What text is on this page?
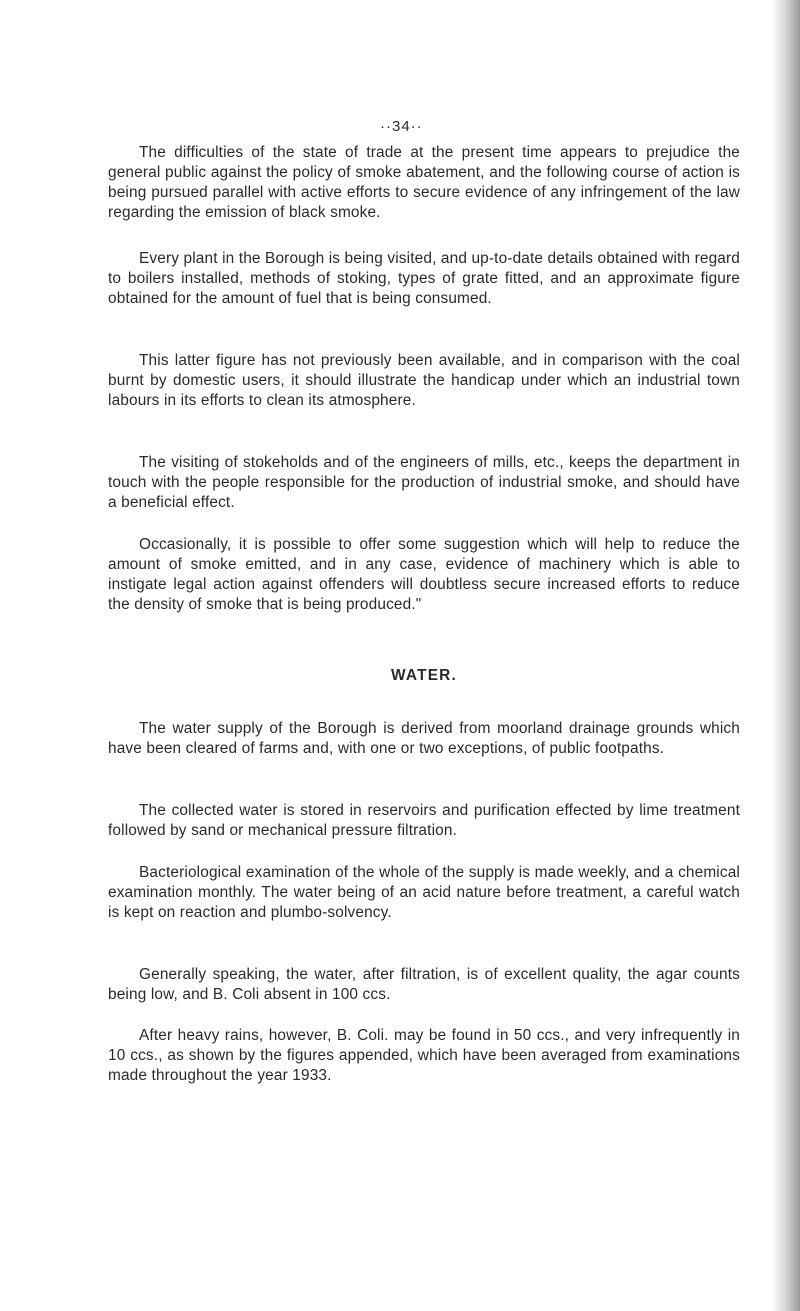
··34··

The difficulties of the state of trade at the present time appears to prejudice the general public against the policy of smoke abatement, and the following course of action is being pursued parallel with active efforts to secure evidence of any infringement of the law regarding the emission of black smoke.

Every plant in the Borough is being visited, and up-to-date details obtained with regard to boilers installed, methods of stoking, types of grate fitted, and an approximate figure obtained for the amount of fuel that is being consumed.

This latter figure has not previously been available, and in comparison with the coal burnt by domestic users, it should illustrate the handicap under which an industrial town labours in its efforts to clean its atmosphere.

The visiting of stokeholds and of the engineers of mills, etc., keeps the department in touch with the people responsible for the production of industrial smoke, and should have a beneficial effect.

Occasionally, it is possible to offer some suggestion which will help to reduce the amount of smoke emitted, and in any case, evidence of machinery which is able to instigate legal action against offenders will doubtless secure increased efforts to reduce the density of smoke that is being produced."

WATER.

The water supply of the Borough is derived from moorland drainage grounds which have been cleared of farms and, with one or two exceptions, of public footpaths.

The collected water is stored in reservoirs and purification effected by lime treatment followed by sand or mechanical pressure filtration.

Bacteriological examination of the whole of the supply is made weekly, and a chemical examination monthly. The water being of an acid nature before treatment, a careful watch is kept on reaction and plumbo-solvency.

Generally speaking, the water, after filtration, is of excellent quality, the agar counts being low, and B. Coli absent in 100 ccs.

After heavy rains, however, B. Coli. may be found in 50 ccs., and very infrequently in 10 ccs., as shown by the figures appended, which have been averaged from examinations made throughout the year 1933.
